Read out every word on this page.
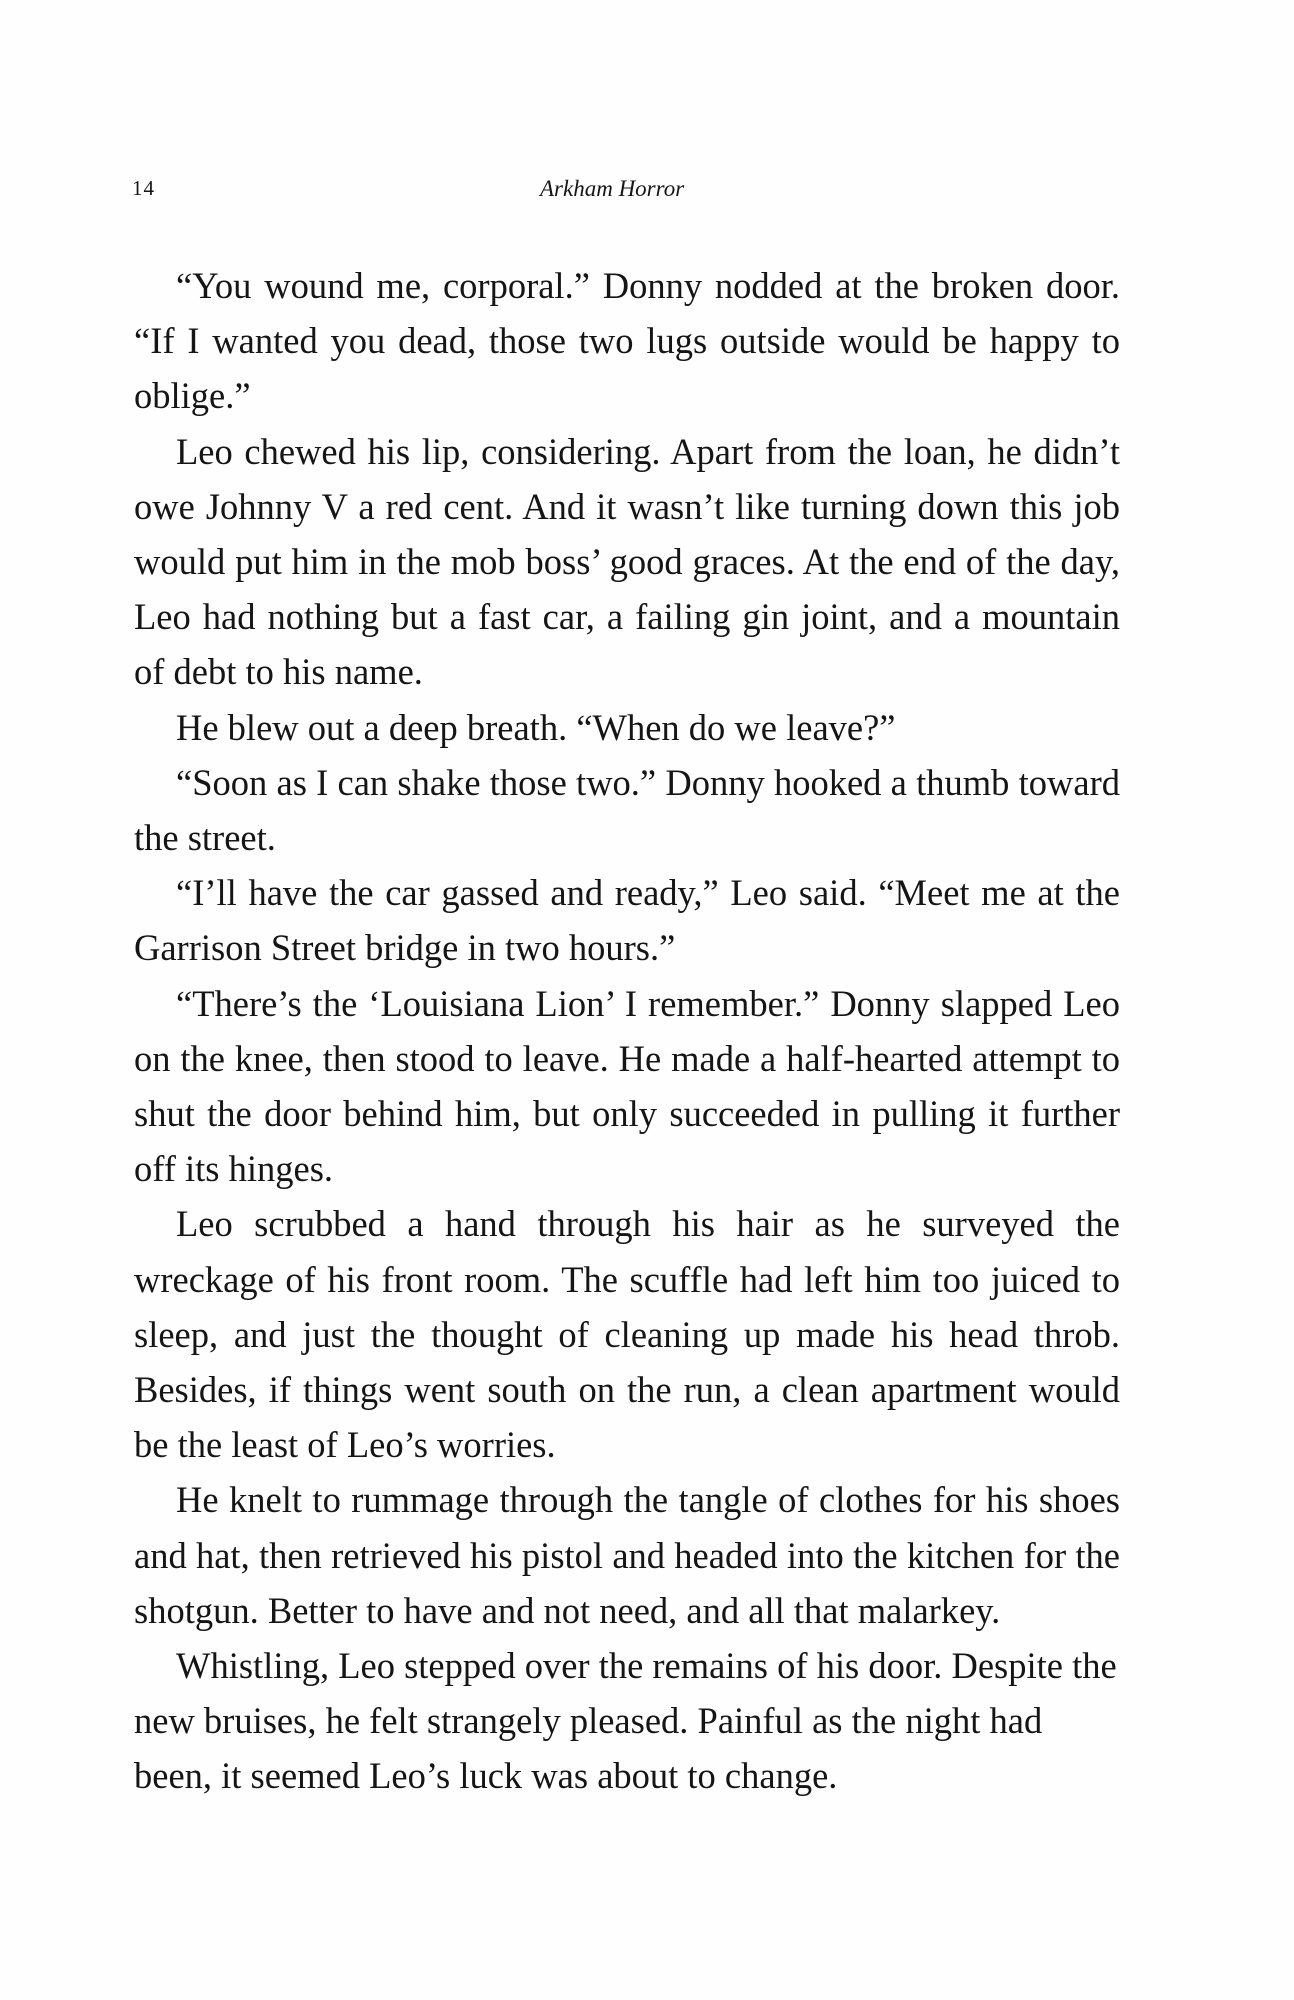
14	Arkham Horror

“You wound me, corporal.” Donny nodded at the broken door. “If I wanted you dead, those two lugs outside would be happy to oblige.”

Leo chewed his lip, considering. Apart from the loan, he didn’t owe Johnny V a red cent. And it wasn’t like turning down this job would put him in the mob boss’ good graces. At the end of the day, Leo had nothing but a fast car, a failing gin joint, and a mountain of debt to his name.

He blew out a deep breath. “When do we leave?”

“Soon as I can shake those two.” Donny hooked a thumb toward the street.

“I’ll have the car gassed and ready,” Leo said. “Meet me at the Garrison Street bridge in two hours.”

“There’s the ‘Louisiana Lion’ I remember.” Donny slapped Leo on the knee, then stood to leave. He made a half-hearted attempt to shut the door behind him, but only succeeded in pulling it further off its hinges.

Leo scrubbed a hand through his hair as he surveyed the wreckage of his front room. The scuffle had left him too juiced to sleep, and just the thought of cleaning up made his head throb. Besides, if things went south on the run, a clean apartment would be the least of Leo’s worries.

He knelt to rummage through the tangle of clothes for his shoes and hat, then retrieved his pistol and headed into the kitchen for the shotgun. Better to have and not need, and all that malarkey.

Whistling, Leo stepped over the remains of his door. Despite the new bruises, he felt strangely pleased. Painful as the night had been, it seemed Leo’s luck was about to change.
